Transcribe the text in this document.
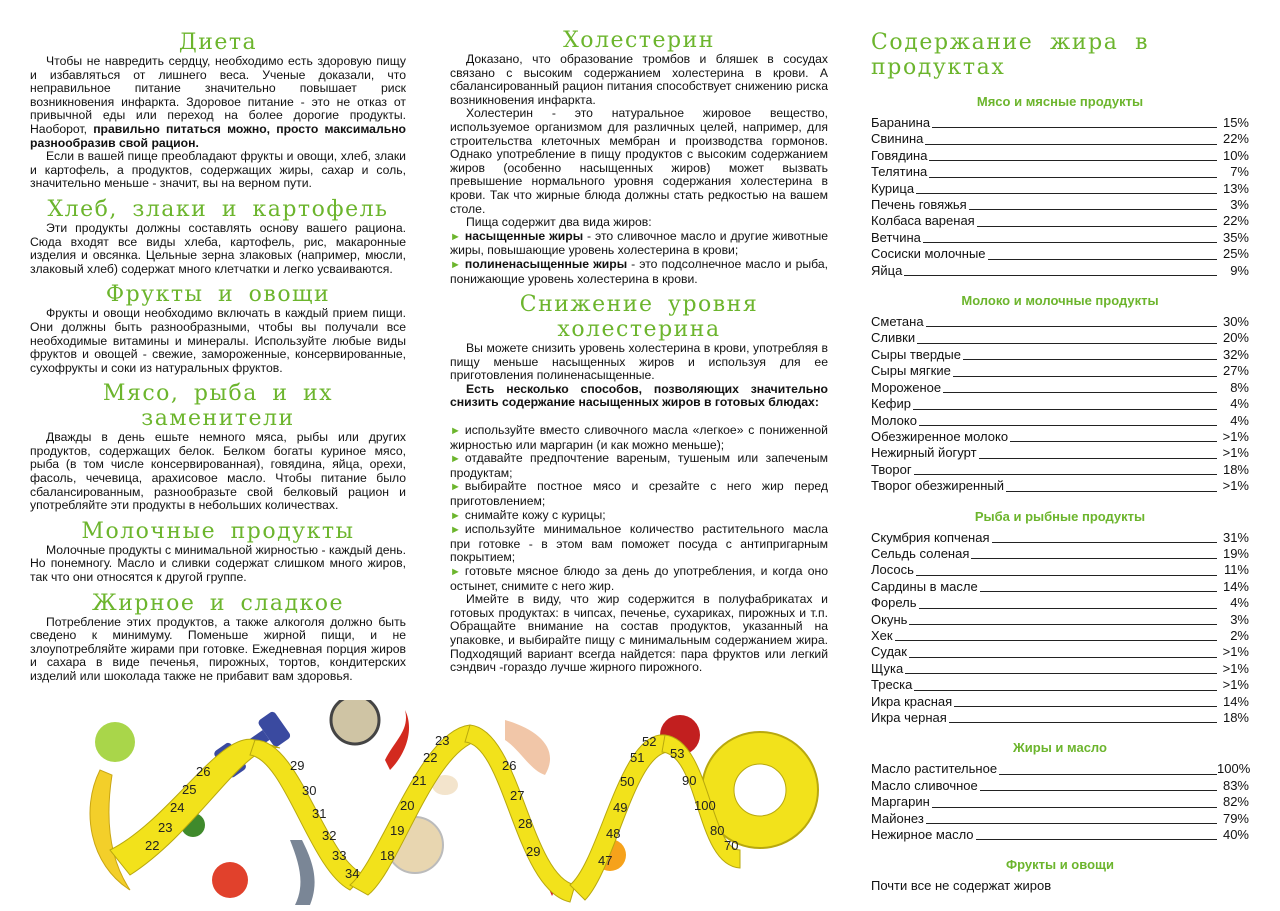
Диета

Чтобы не навредить сердцу, необходимо есть здоровую пищу и избавляться от лишнего веса. Ученые доказали, что неправильное питание значительно повышает риск возникновения инфаркта. Здоровое питание - это не отказ от привычной еды или переход на более дорогие продукты. Наоборот, правильно питаться можно, просто максимально разнообразив свой рацион.

Если в вашей пище преобладают фрукты и овощи, хлеб, злаки и картофель, а продуктов, содержащих жиры, сахар и соль, значительно меньше - значит, вы на верном пути.

Хлеб, злаки и картофель

Эти продукты должны составлять основу вашего рациона. Сюда входят все виды хлеба, картофель, рис, макаронные изделия и овсянка. Цельные зерна злаковых (например, мюсли, злаковый хлеб) содержат много клетчатки и легко усваиваются.

Фрукты и овощи

Фрукты и овощи необходимо включать в каждый прием пищи. Они должны быть разнообразными, чтобы вы получали все необходимые витамины и минералы. Используйте любые виды фруктов и овощей - свежие, замороженные, консервированные, сухофрукты и соки из натуральных фруктов.

Мясо, рыба и их заменители

Дважды в день ешьте немного мяса, рыбы или других продуктов, содержащих белок. Белком богаты куриное мясо, рыба (в том числе консервированная), говядина, яйца, орехи, фасоль, чечевица, арахисовое масло. Чтобы питание было сбалансированным, разнообразьте свой белковый рацион и употребляйте эти продукты в небольших количествах.

Молочные продукты

Молочные продукты с минимальной жирностью - каждый день. Но понемногу. Масло и сливки содержат слишком много жиров, так что они относятся к другой группе.

Жирное и сладкое

Потребление этих продуктов, а также алкоголя должно быть сведено к минимуму. Поменьше жирной пищи, и не злоупотребляйте жирами при готовке. Ежедневная порция жиров и сахара в виде печенья, пирожных, тортов, кондитерских изделий или шоколада также не прибавит вам здоровья.

Холестерин

Доказано, что образование тромбов и бляшек в сосудах связано с высоким содержанием холестерина в крови. А сбалансированный рацион питания способствует снижению риска возникновения инфаркта.

Холестерин - это натуральное жировое вещество, используемое организмом для различных целей, например, для строительства клеточных мембран и производства гормонов. Однако употребление в пищу продуктов с высоким содержанием жиров (особенно насыщенных жиров) может вызвать превышение нормального уровня содержания холестерина в крови. Так что жирные блюда должны стать редкостью на вашем столе.

Пища содержит два вида жиров:

► насыщенные жиры - это сливочное масло и другие животные жиры, повышающие уровень холестерина в крови;

► полиненасыщенные жиры - это подсолнечное масло и рыба, понижающие уровень холестерина в крови.

Снижение уровня холестерина

Вы можете снизить уровень холестерина в крови, употребляя в пищу меньше насыщенных жиров и используя для ее приготовления полиненасыщенные.

Есть несколько способов, позволяющих значительно снизить содержание насыщенных жиров в готовых блюдах:

► используйте вместо сливочного масла «легкое» с пониженной жирностью или маргарин (и как можно меньше);

► отдавайте предпочтение вареным, тушеным или запеченым продуктам;

► выбирайте постное мясо и срезайте с него жир перед приготовлением;

► снимайте кожу с курицы;

► используйте минимальное количество растительного масла при готовке - в этом вам поможет посуда с антипригарным покрытием;

► готовьте мясное блюдо за день до употребления, и когда оно остынет, снимите с него жир.

Имейте в виду, что жир содержится в полуфабрикатах и готовых продуктах: в чипсах, печенье, сухариках, пирожных и т.п. Обращайте внимание на состав продуктов, указанный на упаковке, и выбирайте пищу с минимальным содержанием жира. Подходящий вариант всегда найдется: пара фруктов или легкий сэндвич -гораздо лучше жирного пирожного.

Содержание жира в продуктах
Мясо и мясные продукты
Баранина	15%
Свинина	22%
Говядина	10%
Телятина	7%
Курица	13%
Печень говяжья	3%
Колбаса вареная	22%
Ветчина	35%
Сосиски молочные	25%
Яйца	9%
Молоко и молочные продукты
Сметана	30%
Сливки	20%
Сыры твердые	32%
Сыры мягкие	27%
Мороженое	8%
Кефир	4%
Молоко	4%
Обезжиренное молоко	>1%
Нежирный йогурт	>1%
Творог	18%
Творог обезжиренный	>1%
Рыба и рыбные продукты
Скумбрия копченая	31%
Сельдь соленая	19%
Лосось	11%
Сардины в масле	14%
Форель	4%
Окунь	3%
Хек	2%
Судак	>1%
Щука	>1%
Треска	>1%
Икра красная	14%
Икра черная	18%
Жиры и масло
Масло растительное	100%
Масло сливочное	83%
Маргарин	82%
Майонез	79%
Нежирное масло	40%
Фрукты и овощи
Почти все не содержат жиров
22
23
24
25
26	29
30
31
32
33
34
18
19
20
21
22
23
26
27
28
29
47
48
49
50
51
52
53
90
100
80
70
